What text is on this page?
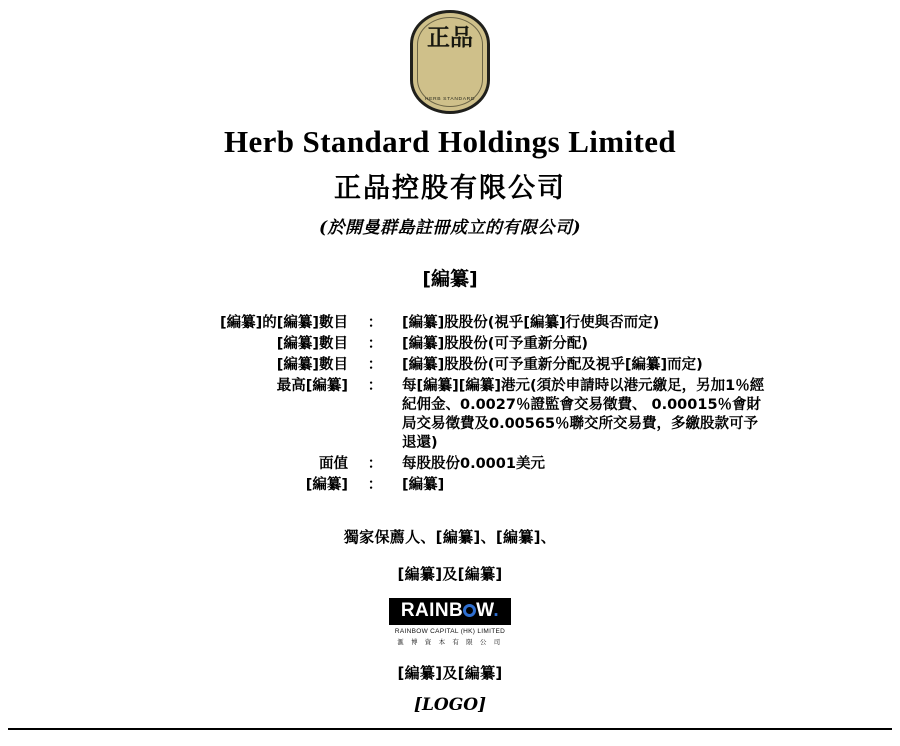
正品
HERB STANDARD
Herb Standard Holdings Limited
正品控股有限公司
(於開曼群島註冊成立的有限公司)
[編纂]
[編纂]的[編纂]數目	：	[編纂]股股份(視乎[編纂]行使與否而定)
[編纂]數目	：	[編纂]股股份(可予重新分配)
[編纂]數目	：	[編纂]股股份(可予重新分配及視乎[編纂]而定)
最高[編纂]	：	每[編纂][編纂]港元(須於申請時以港元繳足，另加1％經紀佣金、0.0027％證監會交易徵費、 0.00015％會財局交易徵費及0.00565％聯交所交易費，多繳股款可予退還)
面值	：	每股股份0.0001美元
[編纂]	：	[編纂]
獨家保薦人、[編纂]、[編纂]、
[編纂]及[編纂]
RAINB W.
RAINBOW CAPITAL (HK) LIMITED
滙 博 資 本 有 限 公 司
[編纂]及[編纂]
[LOGO]
